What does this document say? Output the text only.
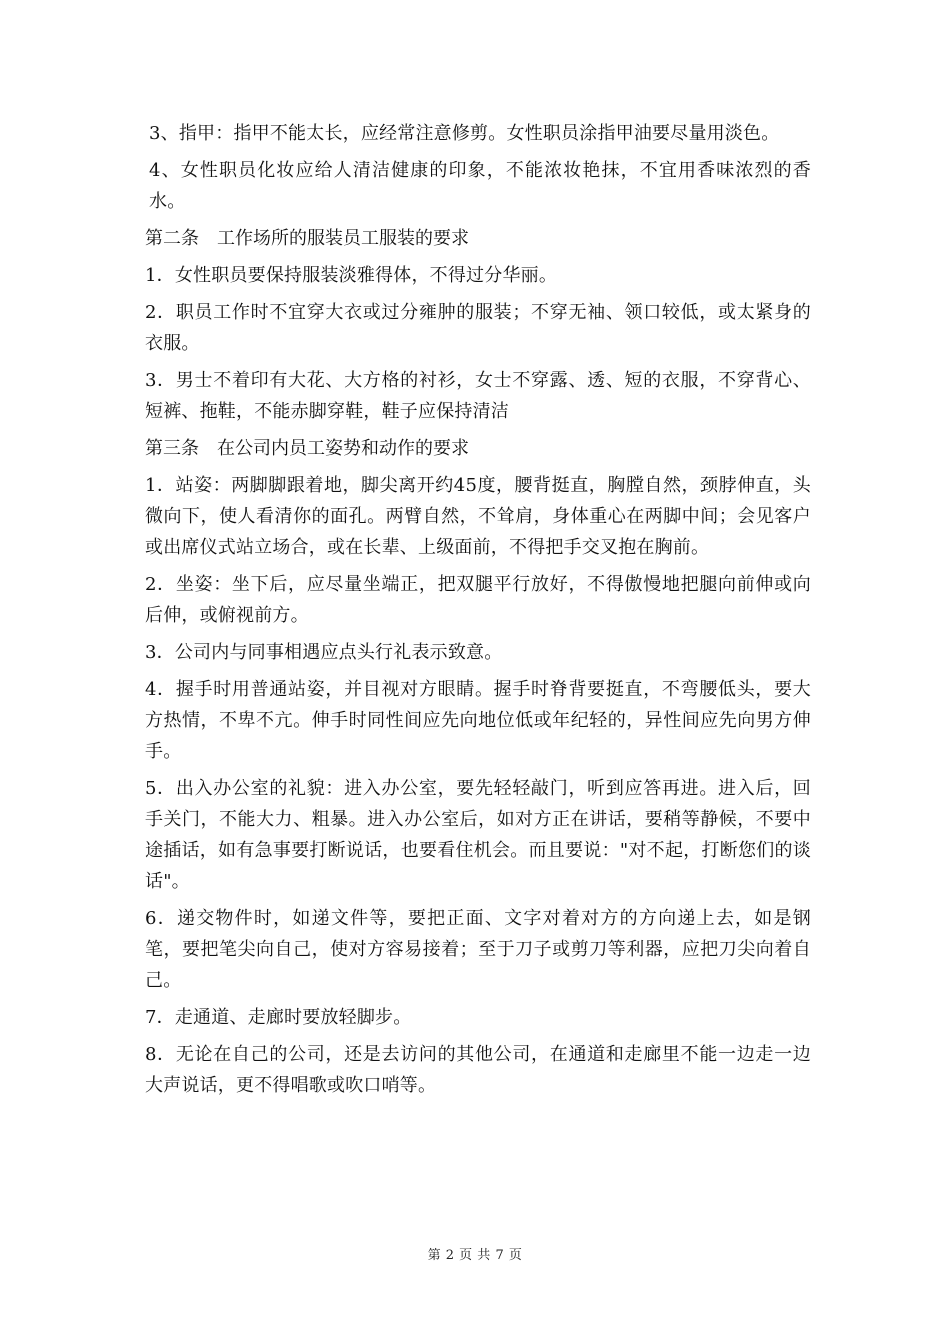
3、指甲：指甲不能太长，应经常注意修剪。女性职员涂指甲油要尽量用淡色。

4、女性职员化妆应给人清洁健康的印象，不能浓妆艳抹，不宜用香味浓烈的香水。

第二条　工作场所的服装员工服装的要求

1．女性职员要保持服装淡雅得体，不得过分华丽。

2．职员工作时不宜穿大衣或过分雍肿的服装；不穿无袖、领口较低，或太紧身的衣服。

3．男士不着印有大花、大方格的衬衫，女士不穿露、透、短的衣服，不穿背心、短裤、拖鞋，不能赤脚穿鞋，鞋子应保持清洁

第三条　在公司内员工姿势和动作的要求

1．站姿：两脚脚跟着地，脚尖离开约45度，腰背挺直，胸膛自然，颈脖伸直，头微向下，使人看清你的面孔。两臂自然，不耸肩，身体重心在两脚中间；会见客户或出席仪式站立场合，或在长辈、上级面前，不得把手交叉抱在胸前。

2．坐姿：坐下后，应尽量坐端正，把双腿平行放好，不得傲慢地把腿向前伸或向后伸，或俯视前方。

3．公司内与同事相遇应点头行礼表示致意。

4．握手时用普通站姿，并目视对方眼睛。握手时脊背要挺直，不弯腰低头，要大方热情，不卑不亢。伸手时同性间应先向地位低或年纪轻的，异性间应先向男方伸手。

5．出入办公室的礼貌：进入办公室，要先轻轻敲门，听到应答再进。进入后，回手关门，不能大力、粗暴。进入办公室后，如对方正在讲话，要稍等静候，不要中途插话，如有急事要打断说话，也要看住机会。而且要说："对不起，打断您们的谈话"。

6．递交物件时，如递文件等，要把正面、文字对着对方的方向递上去，如是钢笔，要把笔尖向自己，使对方容易接着；至于刀子或剪刀等利器，应把刀尖向着自己。

7．走通道、走廊时要放轻脚步。

8．无论在自己的公司，还是去访问的其他公司，在通道和走廊里不能一边走一边大声说话，更不得唱歌或吹口哨等。

第 2 页 共 7 页
